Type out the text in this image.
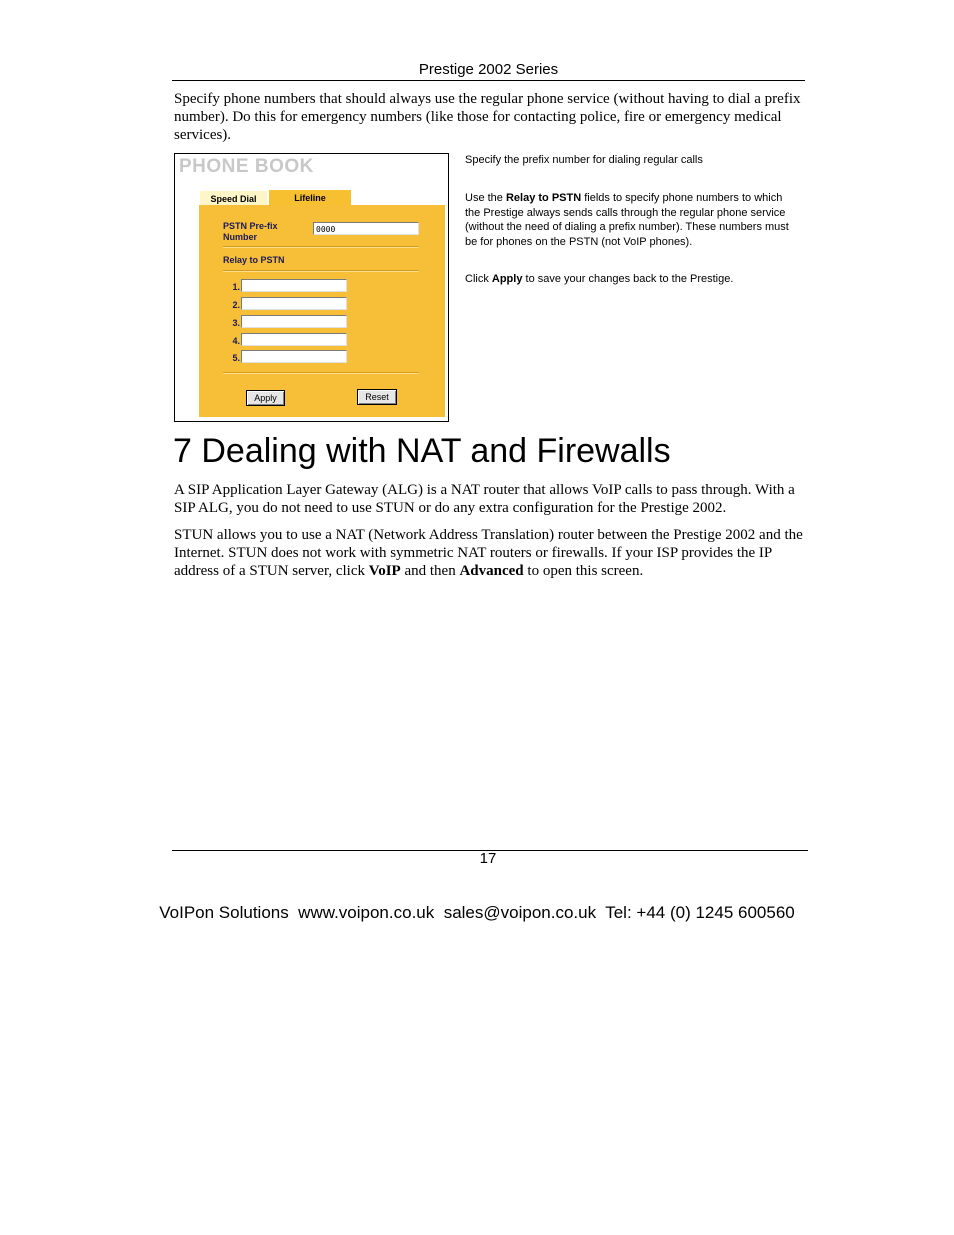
Prestige 2002 Series

Specify phone numbers that should always use the regular phone service (without having to dial a prefix number). Do this for emergency numbers (like those for contacting police, fire or emergency medical services).

PHONE BOOK
Speed Dial	Lifeline
PSTN Pre-fix Number
0000
Relay to PSTN
1.
2.
3.
4.
5.
Apply	Reset
Specify the prefix number for dialing regular calls
Use the Relay to PSTN fields to specify phone numbers to which the Prestige always sends calls through the regular phone service (without the need of dialing a prefix number). These numbers must be for phones on the PSTN (not VoIP phones).
Click Apply to save your changes back to the Prestige.
7 Dealing with NAT and Firewalls

A SIP Application Layer Gateway (ALG) is a NAT router that allows VoIP calls to pass through. With a SIP ALG, you do not need to use STUN or do any extra configuration for the Prestige 2002.

STUN allows you to use a NAT (Network Address Translation) router between the Prestige 2002 and the Internet. STUN does not work with symmetric NAT routers or firewalls. If your ISP provides the IP address of a STUN server, click VoIP and then Advanced to open this screen.

17
VoIPon Solutions  www.voipon.co.uk  sales@voipon.co.uk  Tel: +44 (0) 1245 600560
